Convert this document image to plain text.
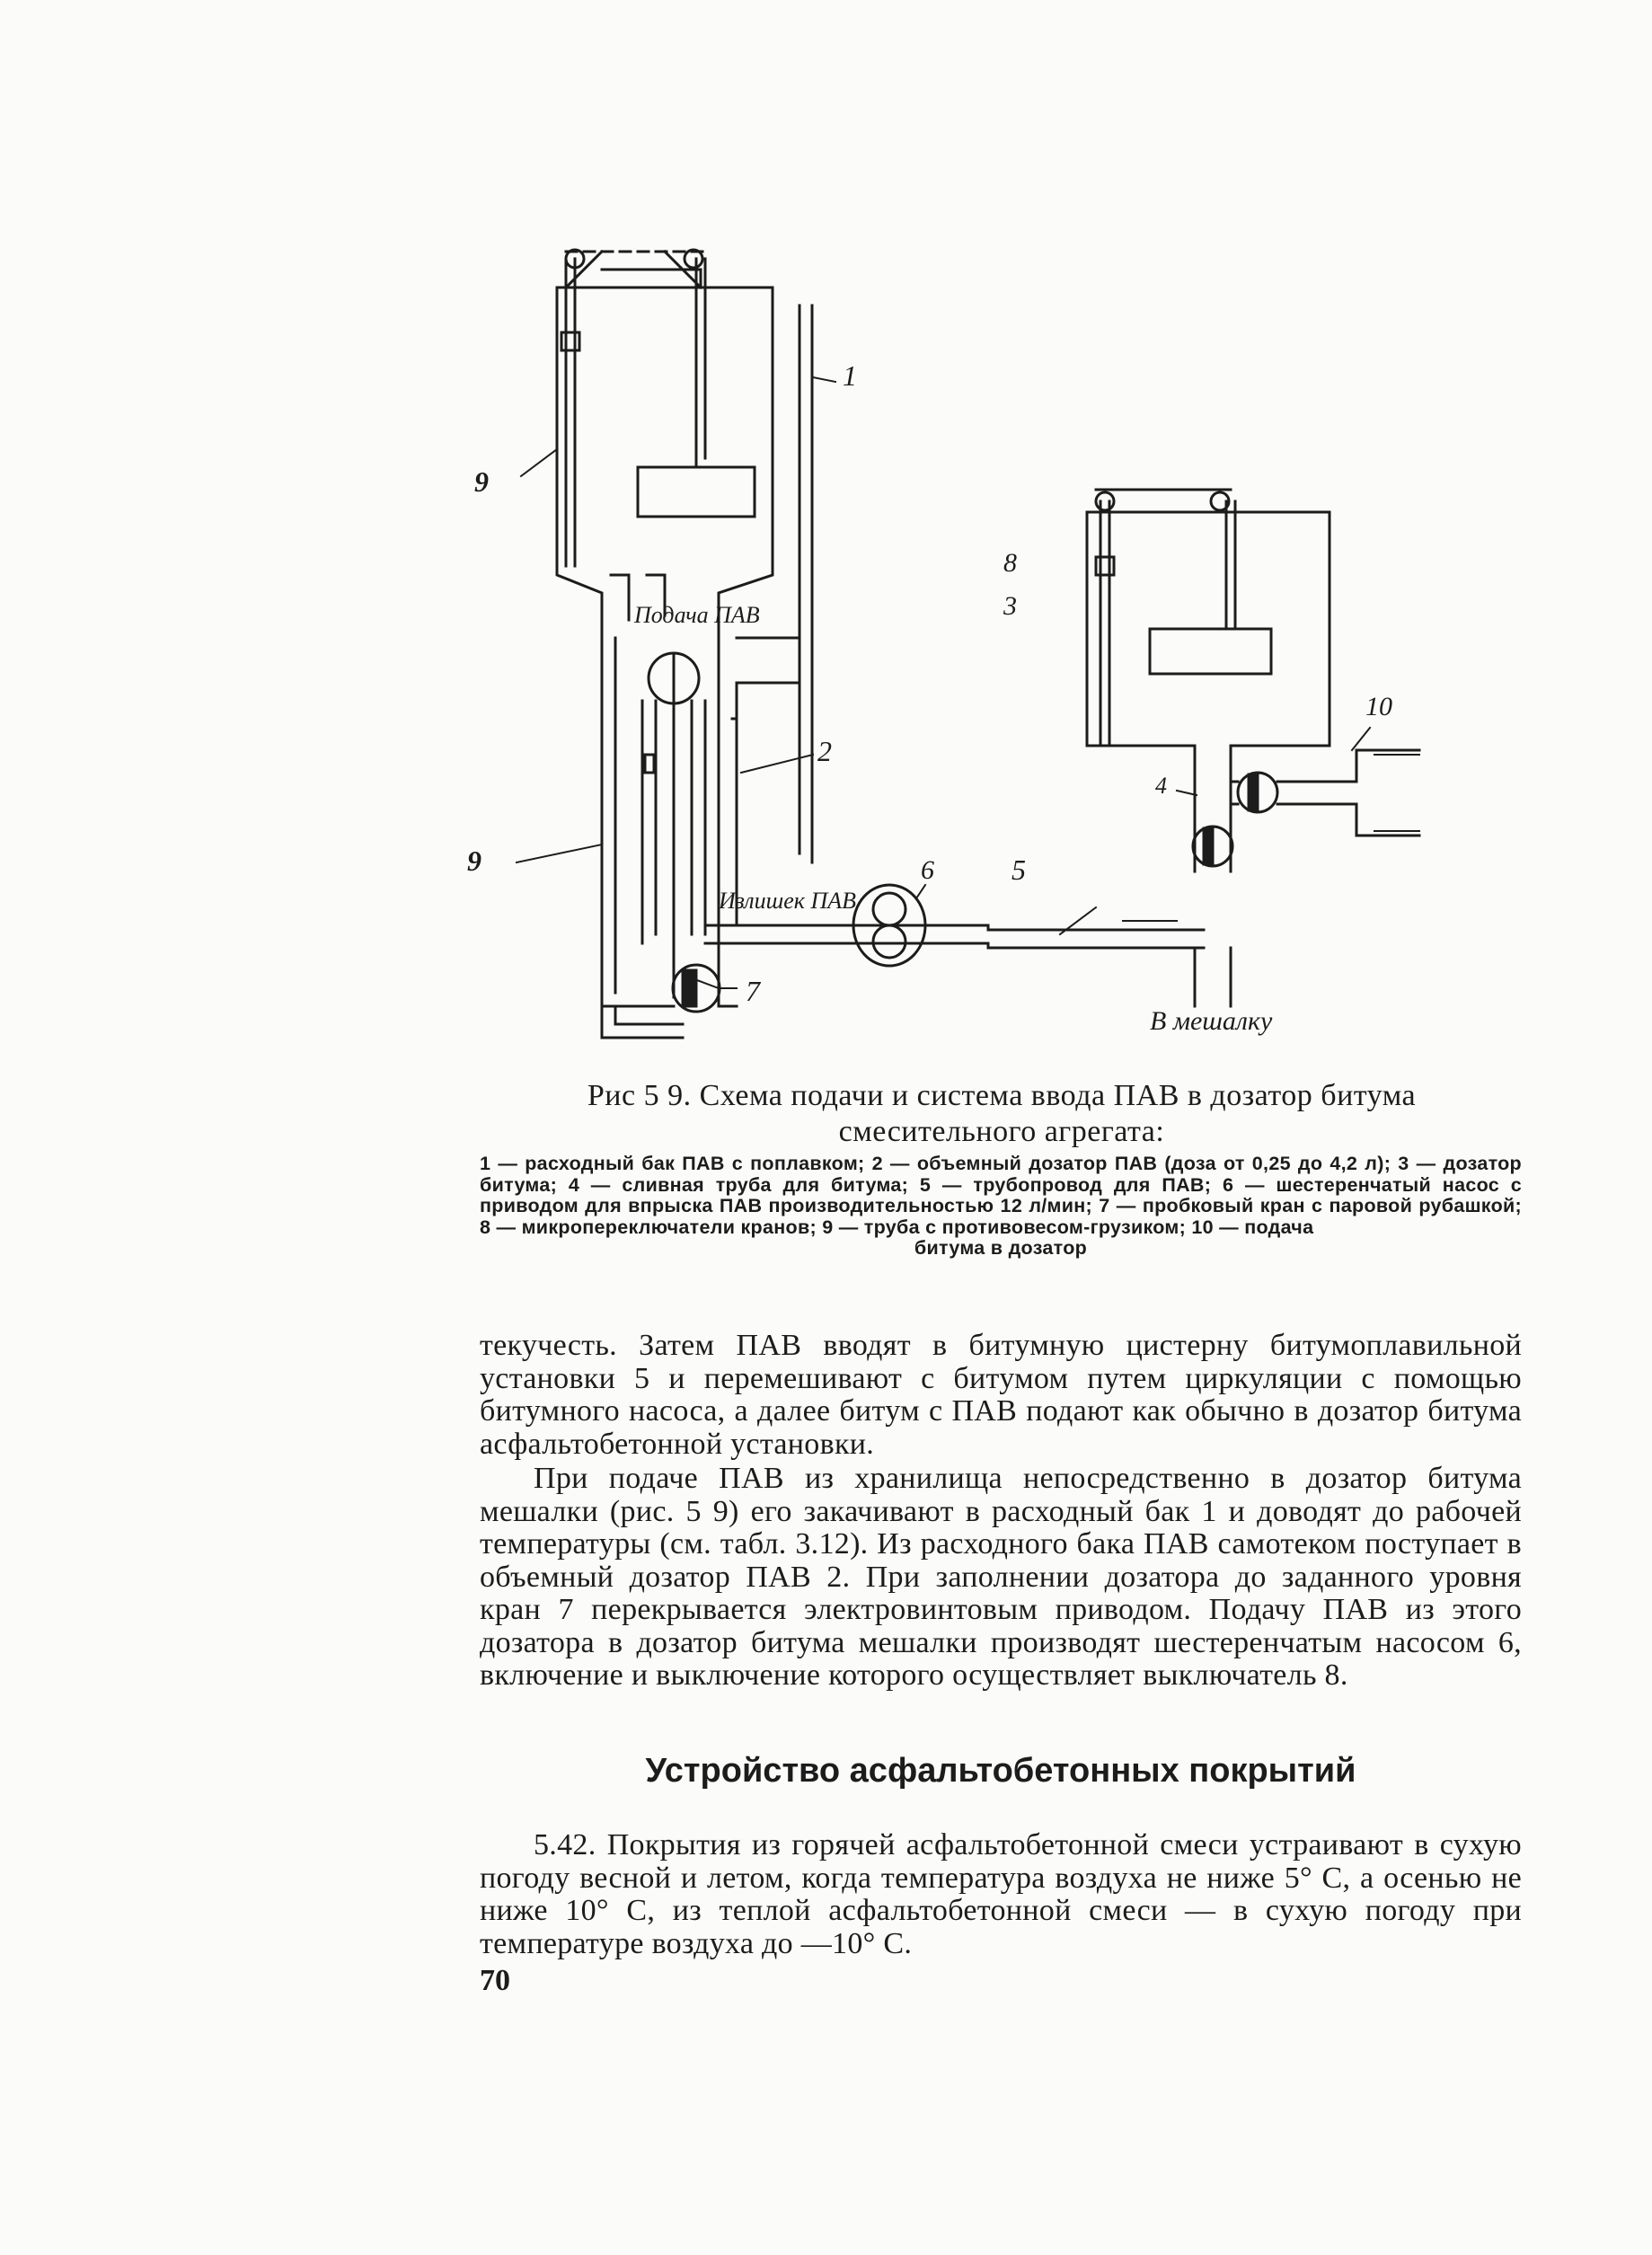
1
9
Подача ПАВ
2
9
Излишек ПАВ
6	5
7
8
3
4
10
В мешалку
Рис 5 9. Схема подачи и система ввода ПАВ в дозатор битума смесительного агрегата:
1 — расходный бак ПАВ с поплавком; 2 — объемный дозатор ПАВ (доза от 0,25 до 4,2 л); 3 — дозатор битума; 4 — сливная труба для битума; 5 — трубопровод для ПАВ; 6 — шестеренчатый насос с приводом для впрыска ПАВ производительностью 12 л/мин; 7 — пробковый кран с паровой рубашкой; 8 — микропереключатели кранов; 9 — труба с противовесом-грузиком; 10 — подача
битума в дозатор
текучесть. Затем ПАВ вводят в битумную цистерну битумоплавильной установки 5 и перемешивают с битумом путем циркуляции с помощью битумного насоса, а далее битум с ПАВ подают как обычно в дозатор битума асфальтобетонной установки.
При подаче ПАВ из хранилища непосредственно в дозатор битума мешалки (рис. 5 9) его закачивают в расходный бак 1 и доводят до рабочей температуры (см. табл. 3.12). Из расходного бака ПАВ самотеком поступает в объемный дозатор ПАВ 2. При заполнении дозатора до заданного уровня кран 7 перекрывается электровинтовым приводом. Подачу ПАВ из этого дозатора в дозатор битума мешалки производят шестеренчатым насосом 6, включение и выключение которого осуществляет выключатель 8.
Устройство асфальтобетонных покрытий
5.42. Покрытия из горячей асфальтобетонной смеси устраивают в сухую погоду весной и летом, когда температура воздуха не ниже 5° С, а осенью не ниже 10° С, из теплой асфальтобетонной смеси — в сухую погоду при температуре воздуха до —10° С.
70
